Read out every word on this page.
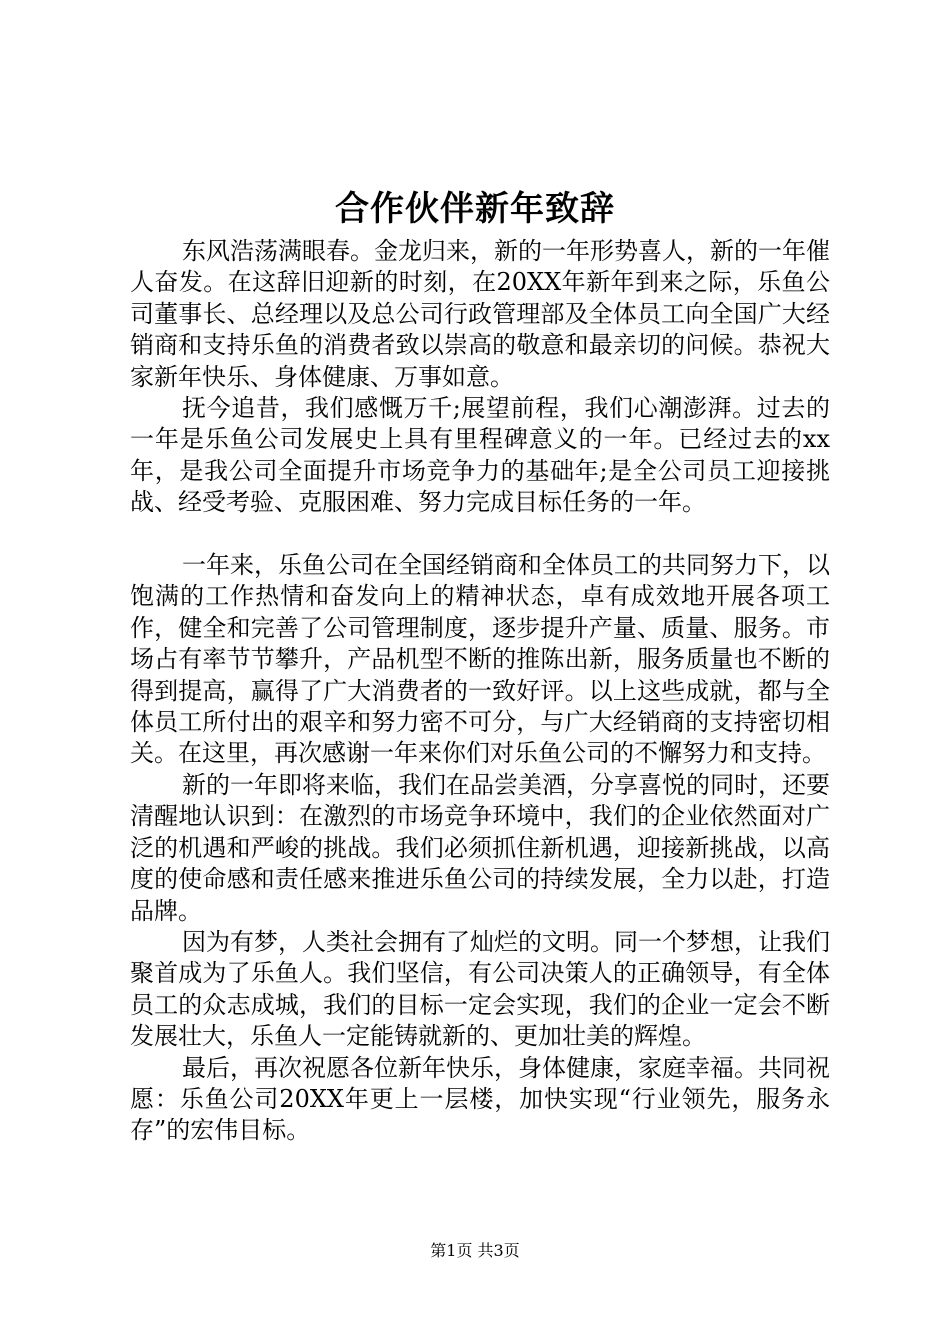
合作伙伴新年致辞

东风浩荡满眼春。金龙归来，新的一年形势喜人，新的一年催人奋发。在这辞旧迎新的时刻，在20XX年新年到来之际，乐鱼公司董事长、总经理以及总公司行政管理部及全体员工向全国广大经销商和支持乐鱼的消费者致以崇高的敬意和最亲切的问候。恭祝大家新年快乐、身体健康、万事如意。

抚今追昔，我们感慨万千;展望前程，我们心潮澎湃。过去的一年是乐鱼公司发展史上具有里程碑意义的一年。已经过去的xx年，是我公司全面提升市场竞争力的基础年;是全公司员工迎接挑战、经受考验、克服困难、努力完成目标任务的一年。

一年来，乐鱼公司在全国经销商和全体员工的共同努力下，以饱满的工作热情和奋发向上的精神状态，卓有成效地开展各项工作，健全和完善了公司管理制度，逐步提升产量、质量、服务。市场占有率节节攀升，产品机型不断的推陈出新，服务质量也不断的得到提高，赢得了广大消费者的一致好评。以上这些成就，都与全体员工所付出的艰辛和努力密不可分，与广大经销商的支持密切相关。在这里，再次感谢一年来你们对乐鱼公司的不懈努力和支持。

新的一年即将来临，我们在品尝美酒，分享喜悦的同时，还要清醒地认识到：在激烈的市场竞争环境中，我们的企业依然面对广泛的机遇和严峻的挑战。我们必须抓住新机遇，迎接新挑战，以高度的使命感和责任感来推进乐鱼公司的持续发展，全力以赴，打造品牌。

因为有梦，人类社会拥有了灿烂的文明。同一个梦想，让我们聚首成为了乐鱼人。我们坚信，有公司决策人的正确领导，有全体员工的众志成城，我们的目标一定会实现，我们的企业一定会不断发展壮大，乐鱼人一定能铸就新的、更加壮美的辉煌。

最后，再次祝愿各位新年快乐，身体健康，家庭幸福。共同祝愿：乐鱼公司20XX年更上一层楼，加快实现“行业领先，服务永存”的宏伟目标。

第1页 共3页
